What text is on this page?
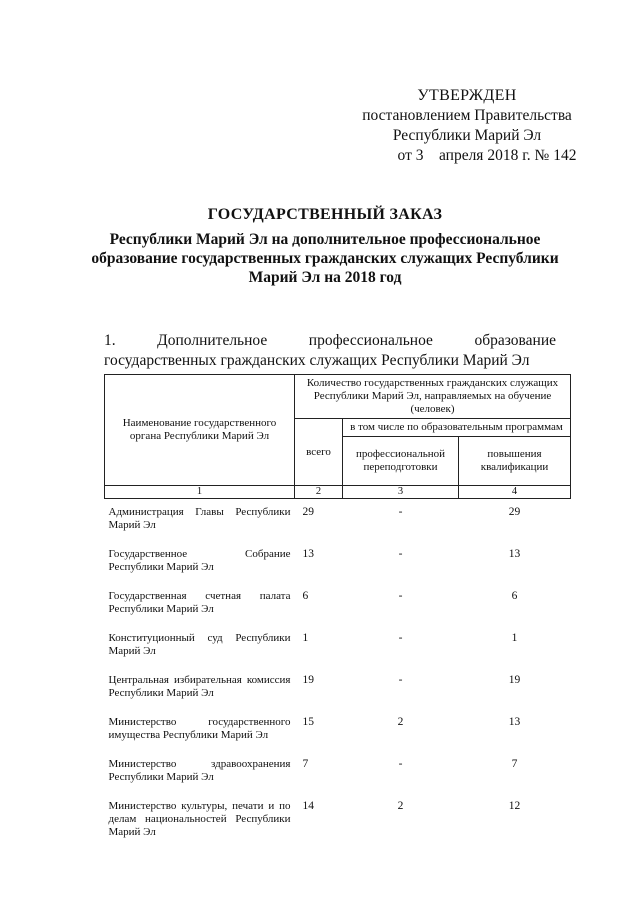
УТВЕРЖДЕН
постановлением Правительства
Республики Марий Эл
от 3    апреля 2018 г. № 142
ГОСУДАРСТВЕННЫЙ ЗАКАЗ
Республики Марий Эл на дополнительное профессиональное
образование государственных гражданских служащих Республики
Марий Эл на 2018 год
1. Дополнительное профессиональное образование государственных гражданских служащих Республики Марий Эл
Наименование государственного органа Республики Марий Эл	Количество государственных гражданских служащих Республики Марий Эл, направляемых на обучение (человек)		
	всего	в том числе по образовательным программам	
		профессиональной переподготовки	повышения квалификации
1	2	3	4
Администрация Главы Республики Марий Эл	29	-	29
Государственное Собрание Республики Марий Эл	13	-	13
Государственная счетная палата Республики Марий Эл	6	-	6
Конституционный суд Республики Марий Эл	1	-	1
Центральная избирательная комиссия Республики Марий Эл	19	-	19
Министерство государственного имущества Республики Марий Эл	15	2	13
Министерство здравоохранения Республики Марий Эл	7	-	7
Министерство культуры, печати и по делам национальностей Республики Марий Эл	14	2	12
